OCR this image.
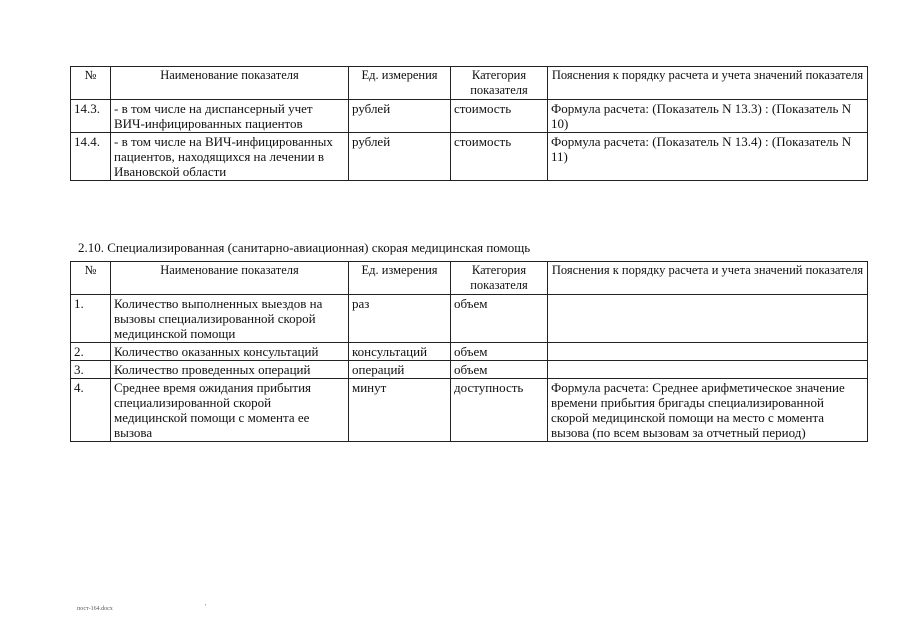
№	Наименование показателя	Ед. измерения	Категория показателя	Пояснения к порядку расчета и учета значений показателя
14.3.	- в том числе на диспансерный учет ВИЧ-инфицированных пациентов	рублей	стоимость	Формула расчета: (Показатель N 13.3) : (Показатель N 10)
14.4.	- в том числе на ВИЧ-инфицированных пациентов, находящихся на лечении в Ивановской области	рублей	стоимость	Формула расчета: (Показатель N 13.4) : (Показатель N 11)
2.10. Специализированная (санитарно-авиационная) скорая медицинская помощь
№	Наименование показателя	Ед. измерения	Категория показателя	Пояснения к порядку расчета и учета значений показателя
1.	Количество выполненных выездов на вызовы специализированной скорой медицинской помощи	раз	объем	
2.	Количество оказанных консультаций	консультаций	объем	
3.	Количество проведенных операций	операций	объем	
4.	Среднее время ожидания прибытия специализированной скорой медицинской помощи с момента ее вызова	минут	доступность	Формула расчета: Среднее арифметическое значение времени прибытия бригады специализированной скорой медицинской помощи на место с момента вызова (по всем вызовам за отчетный период)
пост-164.docx	'
